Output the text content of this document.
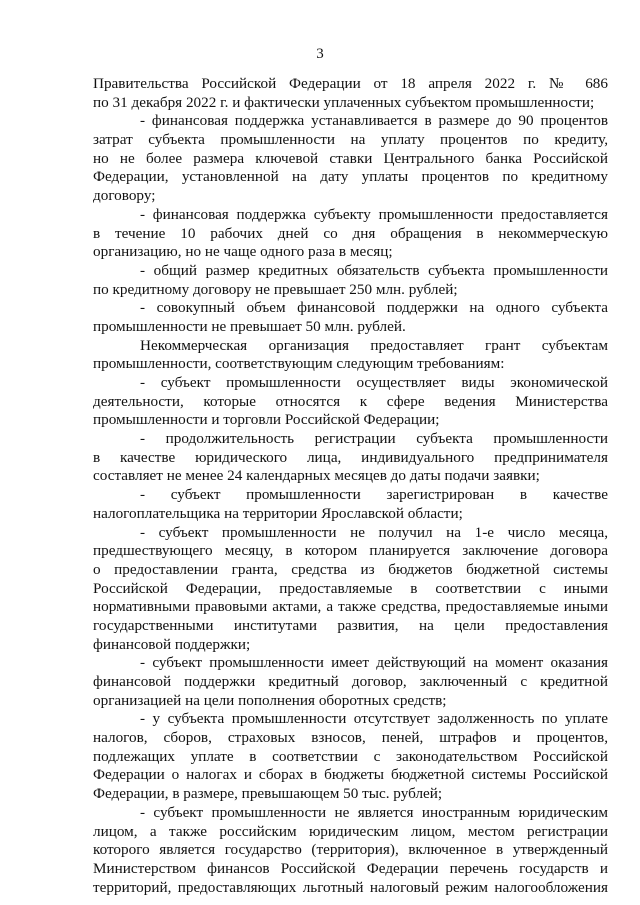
3
Правительства Российской Федерации от 18 апреля 2022 г. № 686
по 31 декабря 2022 г. и фактически уплаченных субъектом промышленности;
- финансовая поддержка устанавливается в размере до 90 процентов
затрат субъекта промышленности на уплату процентов по кредиту,
но не более размера ключевой ставки Центрального банка Российской
Федерации, установленной на дату уплаты процентов по кредитному
договору;
- финансовая поддержка субъекту промышленности предоставляется
в течение 10 рабочих дней со дня обращения в некоммерческую
организацию, но не чаще одного раза в месяц;
- общий размер кредитных обязательств субъекта промышленности
по кредитному договору не превышает 250 млн. рублей;
- совокупный объем финансовой поддержки на одного субъекта
промышленности не превышает 50 млн. рублей.
Некоммерческая организация предоставляет грант субъектам
промышленности, соответствующим следующим требованиям:
- субъект промышленности осуществляет виды экономической
деятельности, которые относятся к сфере ведения Министерства
промышленности и торговли Российской Федерации;
- продолжительность регистрации субъекта промышленности
в качестве юридического лица, индивидуального предпринимателя
составляет не менее 24 календарных месяцев до даты подачи заявки;
- субъект промышленности зарегистрирован в качестве
налогоплательщика на территории Ярославской области;
- субъект промышленности не получил на 1-е число месяца,
предшествующего месяцу, в котором планируется заключение договора
о предоставлении гранта, средства из бюджетов бюджетной системы
Российской Федерации, предоставляемые в соответствии с иными
нормативными правовыми актами, а также средства, предоставляемые иными
государственными институтами развития, на цели предоставления
финансовой поддержки;
- субъект промышленности имеет действующий на момент оказания
финансовой поддержки кредитный договор, заключенный с кредитной
организацией на цели пополнения оборотных средств;
- у субъекта промышленности отсутствует задолженность по уплате
налогов, сборов, страховых взносов, пеней, штрафов и процентов,
подлежащих уплате в соответствии с законодательством Российской
Федерации о налогах и сборах в бюджеты бюджетной системы Российской
Федерации, в размере, превышающем 50 тыс. рублей;
- субъект промышленности не является иностранным юридическим
лицом, а также российским юридическим лицом, местом регистрации
которого является государство (территория), включенное в утвержденный
Министерством финансов Российской Федерации перечень государств и
территорий, предоставляющих льготный налоговый режим налогообложения
